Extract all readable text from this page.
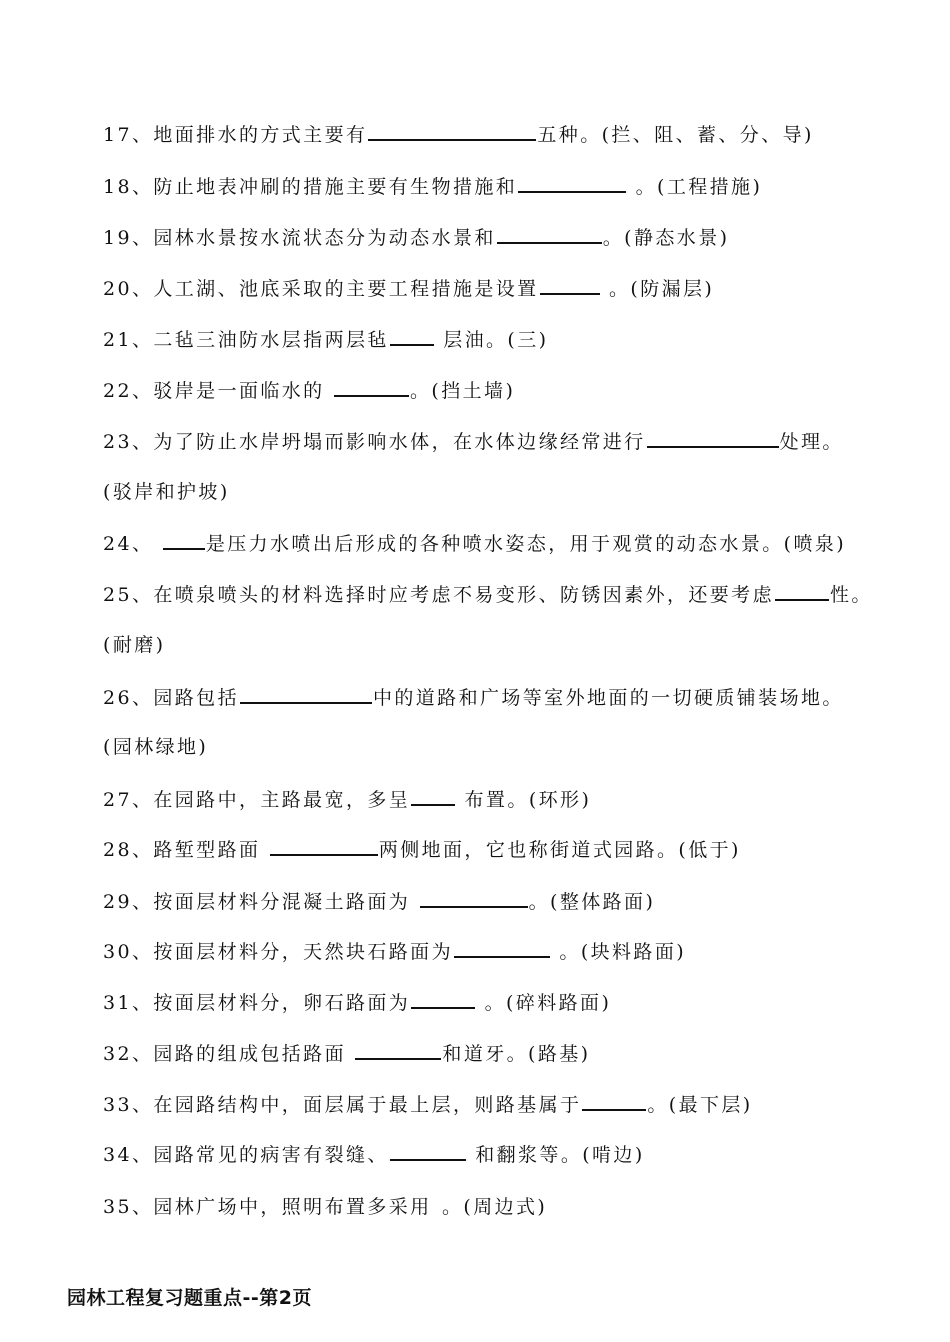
17、地面排水的方式主要有	五种。(拦、阻、蓄、分、导)
18、防止地表冲刷的措施主要有生物措施和	。(工程措施)
19、园林水景按水流状态分为动态水景和	。(静态水景)
20、人工湖、池底采取的主要工程措施是设置	。(防漏层)
21、二毡三油防水层指两层毡 层油。(三)
22、驳岸是一面临水的	。(挡土墙)
23、为了防止水岸坍塌而影响水体，在水体边缘经常进行	处理。
(驳岸和护坡)
24、 是压力水喷出后形成的各种喷水姿态，用于观赏的动态水景。(喷泉)
25、在喷泉喷头的材料选择时应考虑不易变形、防锈因素外，还要考虑	性。
(耐磨)
26、园路包括	中的道路和广场等室外地面的一切硬质铺装场地。
(园林绿地)
27、在园路中，主路最宽，多呈 布置。(环形)
28、路堑型路面	两侧地面，它也称街道式园路。(低于)
29、按面层材料分混凝土路面为	。(整体路面)
30、按面层材料分，天然块石路面为	。(块料路面)
31、按面层材料分，卵石路面为	。(碎料路面)
32、园路的组成包括路面	和道牙。(路基)
33、在园路结构中，面层属于最上层，则路基属于	。(最下层)
34、园路常见的病害有裂缝、	和翻浆等。(啃边)
35、园林广场中，照明布置多采用 。(周边式)
园林工程复习题重点--第2页
